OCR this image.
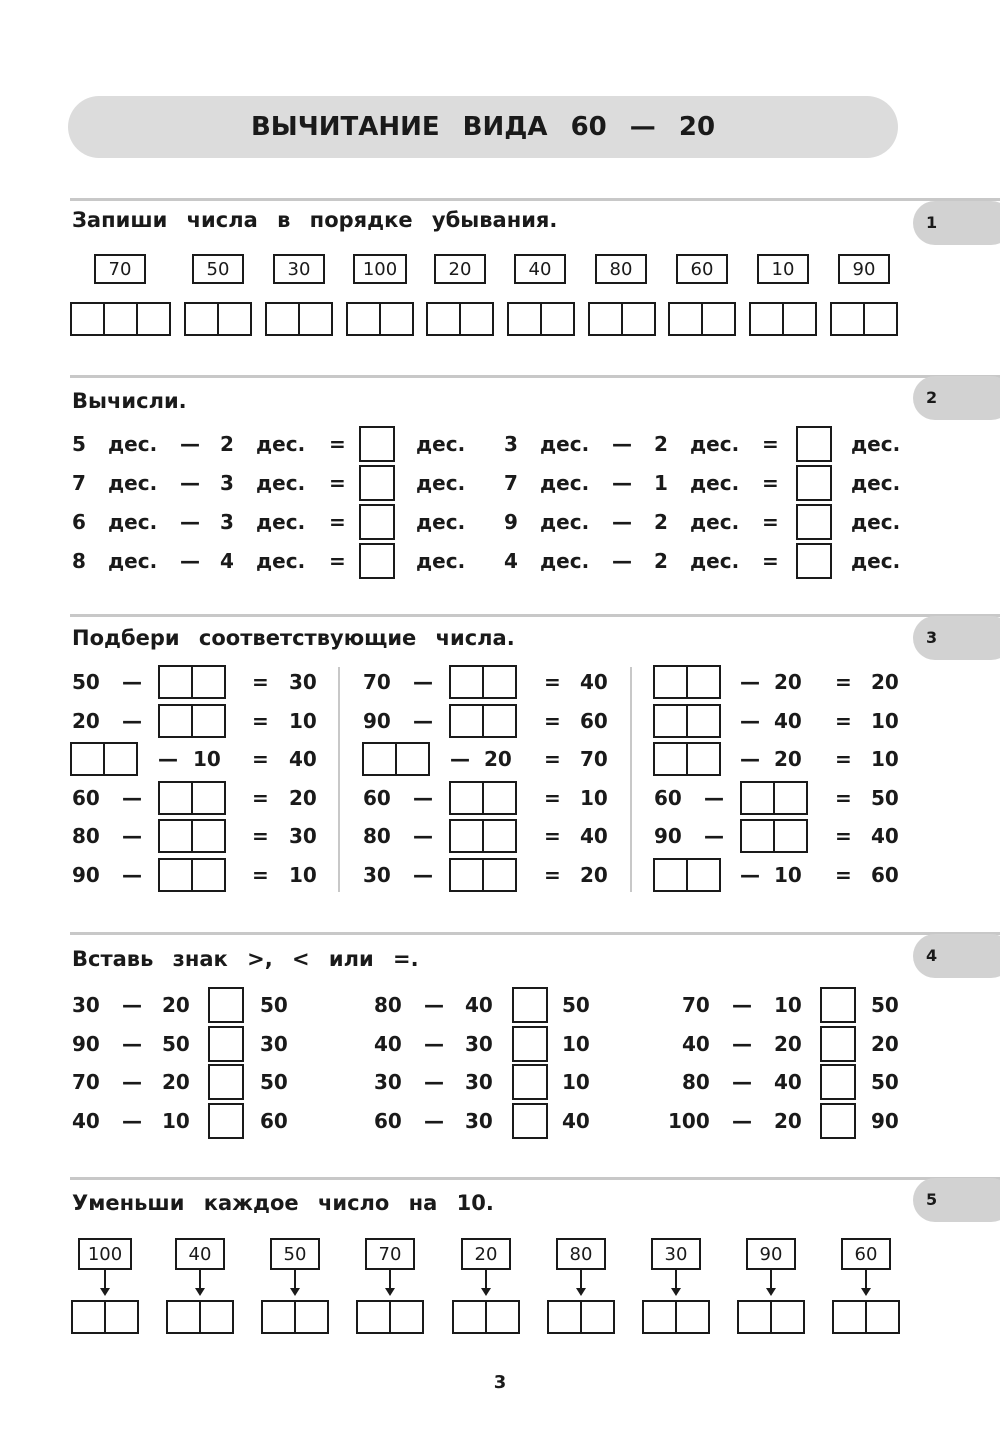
ВЫЧИТАНИЕ ВИДА 60 — 20
1
Запиши числа в порядке убывания.
70	50	30	100	20	40	80	60	10	90
2
Вычисли.
5 дес. — 2 дес. =	дес.
7 дес. — 3 дес. =	дес.
6 дес. — 3 дес. =	дес.
8 дес. — 4 дес. =	дес.
3 дес. — 2 дес. =	дес.
7 дес. — 1 дес. =	дес.
9 дес. — 2 дес. =	дес.
4 дес. — 2 дес. =	дес.
3
Подбери соответствующие числа.
50 —	= 30
20 —	= 10
— 10 = 40
60 —	= 20
80 —	= 30
90 —	= 10
70 —	= 40
90 —	= 60
— 20 = 70
60 —	= 10
80 —	= 40
30 —	= 20
— 20 = 20
— 40 = 10
— 20 = 10
60 —	= 50
90 —	= 40
— 10 = 60
4
Вставь знак >, < или =.
30 — 20	50
90 — 50	30
70 — 20	50
40 — 10	60
80 — 40	50
40 — 30	10
30 — 30	10
60 — 30	40
70 — 10	50
40 — 20	20
80 — 40	50
100 — 20	90
5
Уменьши каждое число на 10.
100	40	50	70	20	80	30	90	60
3
